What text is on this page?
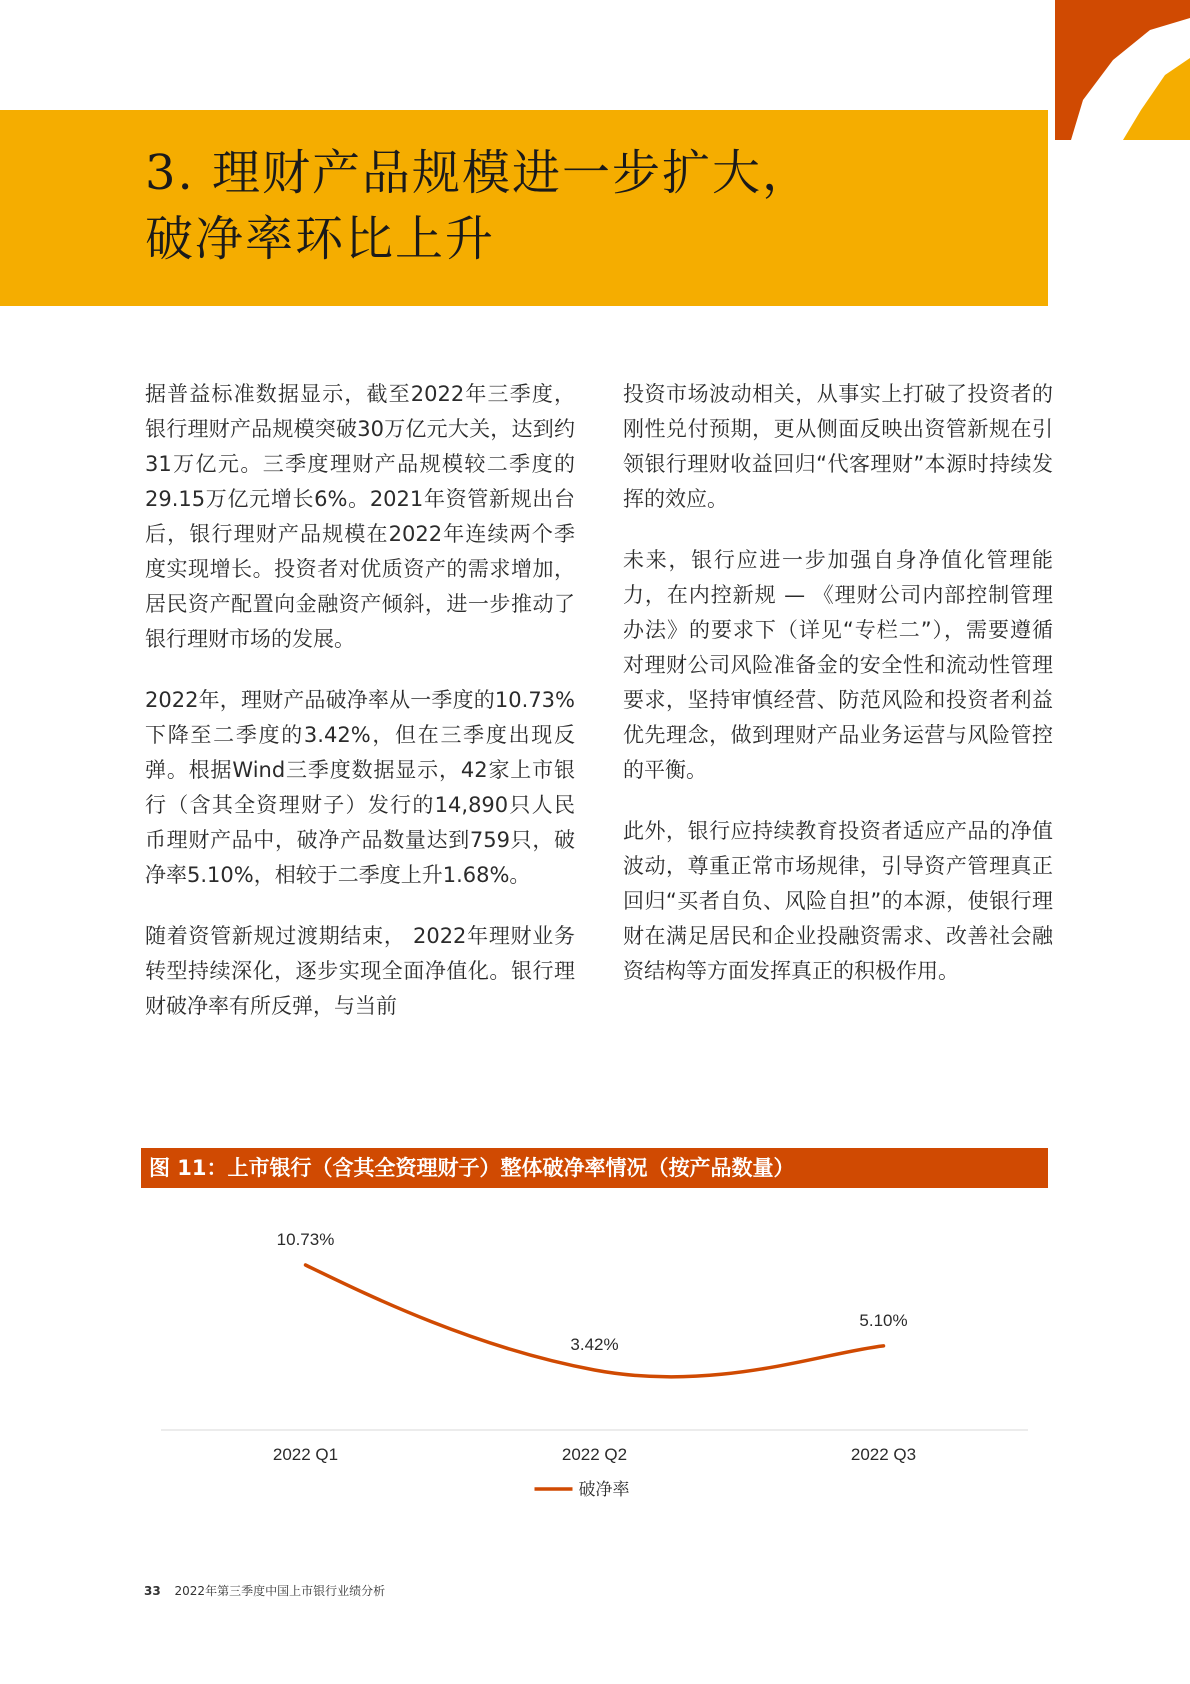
3. 理财产品规模进一步扩大，
破净率环比上升

据普益标准数据显示，截至2022年三季度，银行理财产品规模突破30万亿元大关，达到约31万亿元。三季度理财产品规模较二季度的29.15万亿元增长6%。2021年资管新规出台后，银行理财产品规模在2022年连续两个季度实现增长。投资者对优质资产的需求增加，居民资产配置向金融资产倾斜，进一步推动了银行理财市场的发展。

2022年，理财产品破净率从一季度的10.73%下降至二季度的3.42%，但在三季度出现反弹。根据Wind三季度数据显示，42家上市银行（含其全资理财子）发行的14,890只人民币理财产品中，破净产品数量达到759只，破净率5.10%，相较于二季度上升1.68%。

随着资管新规过渡期结束， 2022年理财业务转型持续深化，逐步实现全面净值化。银行理财破净率有所反弹，与当前

投资市场波动相关，从事实上打破了投资者的刚性兑付预期，更从侧面反映出资管新规在引领银行理财收益回归“代客理财”本源时持续发挥的效应。

未来，银行应进一步加强自身净值化管理能力，在内控新规 — 《理财公司内部控制管理办法》的要求下（详见“专栏二”），需要遵循对理财公司风险准备金的安全性和流动性管理要求，坚持审慎经营、防范风险和投资者利益优先理念，做到理财产品业务运营与风险管控的平衡。

此外，银行应持续教育投资者适应产品的净值波动，尊重正常市场规律，引导资产管理真正回归“买者自负、风险自担”的本源，使银行理财在满足居民和企业投融资需求、改善社会融资结构等方面发挥真正的积极作用。

图 11：上市银行（含其全资理财子）整体破净率情况（按产品数量）
10.73%
3.42%
5.10%
2022 Q1	2022 Q2	2022 Q3
破净率
33 2022年第三季度中国上市银行业绩分析
